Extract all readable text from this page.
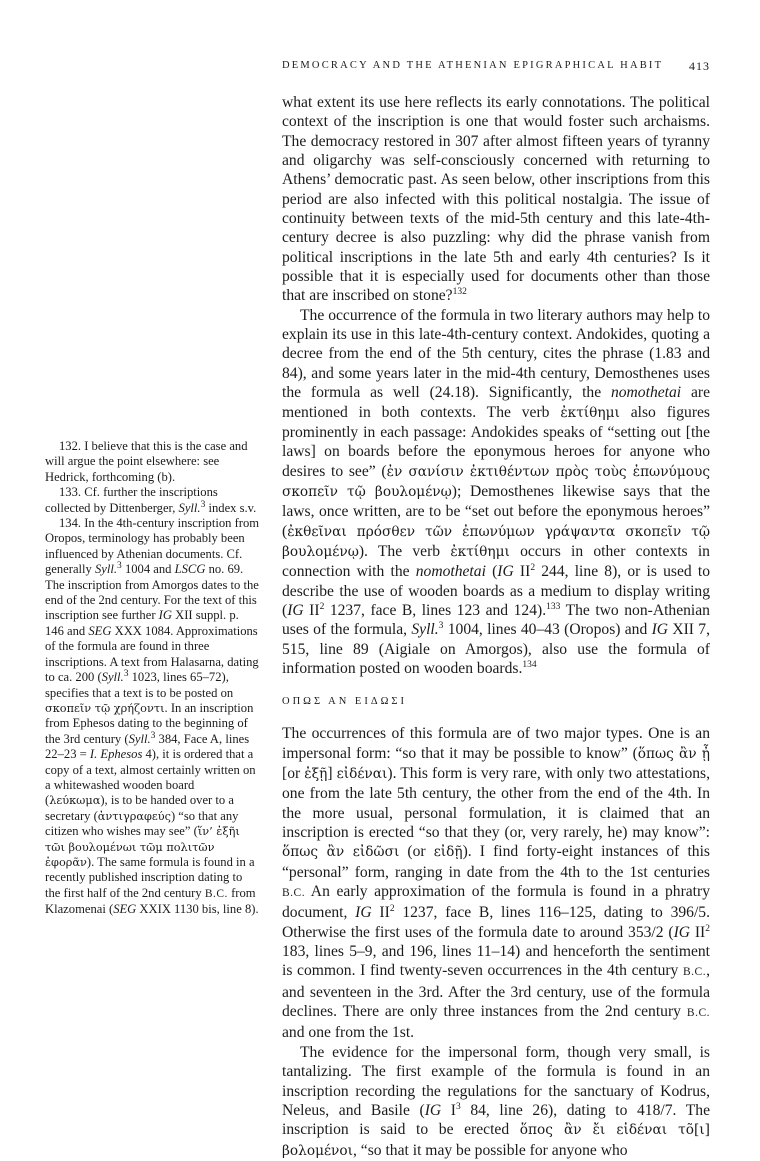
DEMOCRACY AND THE ATHENIAN EPIGRAPHICAL HABIT 413

what extent its use here reflects its early connotations. The political context of the inscription is one that would foster such archaisms. The democracy restored in 307 after almost fifteen years of tyranny and oligarchy was self-consciously concerned with returning to Athens’ democratic past. As seen below, other inscriptions from this period are also infected with this political nostalgia. The issue of continuity between texts of the mid-5th century and this late-4th-century decree is also puzzling: why did the phrase vanish from political inscriptions in the late 5th and early 4th centuries? Is it possible that it is especially used for documents other than those that are inscribed on stone?$^{132}$

The occurrence of the formula in two literary authors may help to explain its use in this late-4th-century context. Andokides, quoting a decree from the end of the 5th century, cites the phrase (1.83 and 84), and some years later in the mid-4th century, Demosthenes uses the formula as well (24.18). Significantly, the nomothetai are mentioned in both contexts. The verb ἐκτίθημι also figures prominently in each passage: Andokides speaks of “setting out [the laws] on boards before the eponymous heroes for anyone who desires to see” (ἐν σανίσιν ἐκτιθέντων πρὸς τοὺς ἐπωνύμους σκοπεῖν τῷ βουλομένῳ); Demosthenes likewise says that the laws, once written, are to be “set out before the eponymous heroes” (ἐκθεῖναι πρόσθεν τῶν ἐπωνύμων γράψαντα σκοπεῖν τῷ βουλομένῳ). The verb ἐκτίθημι occurs in other contexts in connection with the nomothetai (IG $II^2$ 244, line 8), or is used to describe the use of wooden boards as a medium to display writing (IG $II^2$ 1237, face B, lines 123 and 124).$^{133}$ The two non-Athenian uses of the formula, Syll.$^3$ 1004, lines 40–43 (Oropos) and IG XII 7, 515, line 89 (Aigiale on Amorgos), also use the formula of information posted on wooden boards.$^{134}$

ΟΠΩΣ ΑΝ ΕΙΔΩΣΙ

The occurrences of this formula are of two major types. One is an impersonal form: “so that it may be possible to know” (ὅπως ἂν ᾖ [or ἐξῇ] εἰδέναι). This form is very rare, with only two attestations, one from the late 5th century, the other from the end of the 4th. In the more usual, personal formulation, it is claimed that an inscription is erected “so that they (or, very rarely, he) may know”: ὅπως ἂν εἰδῶσι (or εἰδῇ). I find forty-eight instances of this “personal” form, ranging in date from the 4th to the 1st centuries B.C. An early approximation of the formula is found in a phratry document, IG $II^2$ 1237, face B, lines 116–125, dating to 396/5. Otherwise the first uses of the formula date to around 353/2 (IG $II^2$ 183, lines 5–9, and 196, lines 11–14) and henceforth the sentiment is common. I find twenty-seven occurrences in the 4th century B.C., and seventeen in the 3rd. After the 3rd century, use of the formula declines. There are only three instances from the 2nd century B.C. and one from the 1st.

The evidence for the impersonal form, though very small, is tantalizing. The first example of the formula is found in an inscription recording the regulations for the sanctuary of Kodrus, Neleus, and Basile (IG $I^3$ 84, line 26), dating to 418/7. The inscription is said to be erected ὅπος ἂν ἔι εἰδέναι τõ[ι] βολομένοι, “so that it may be possible for anyone who

132. I believe that this is the case and will argue the point elsewhere: see Hedrick, forthcoming (b).

133. Cf. further the inscriptions collected by Dittenberger, Syll.$^3$ index s.v.

134. In the 4th-century inscription from Oropos, terminology has probably been influenced by Athenian documents. Cf. generally Syll.$^3$ 1004 and LSCG no. 69. The inscription from Amorgos dates to the end of the 2nd century. For the text of this inscription see further IG XII suppl. p. 146 and SEG XXX 1084. Approximations of the formula are found in three inscriptions. A text from Halasarna, dating to ca. 200 (Syll.$^3$ 1023, lines 65–72), specifies that a text is to be posted on σκοπεῖν τῷ χρήζοντι. In an inscription from Ephesos dating to the beginning of the 3rd century (Syll.$^3$ 384, Face A, lines 22–23 = I. Ephesos 4), it is ordered that a copy of a text, almost certainly written on a whitewashed wooden board (λεύκωμα), is to be handed over to a secretary (ἀντιγραφεύς) “so that any citizen who wishes may see” (ἵν’ ἐξῆι τῶι βουλομένωι τῶμ πολιτῶν ἐφορᾶν). The same formula is found in a recently published inscription dating to the first half of the 2nd century B.C. from Klazomenai (SEG XXIX 1130 bis, line 8).
